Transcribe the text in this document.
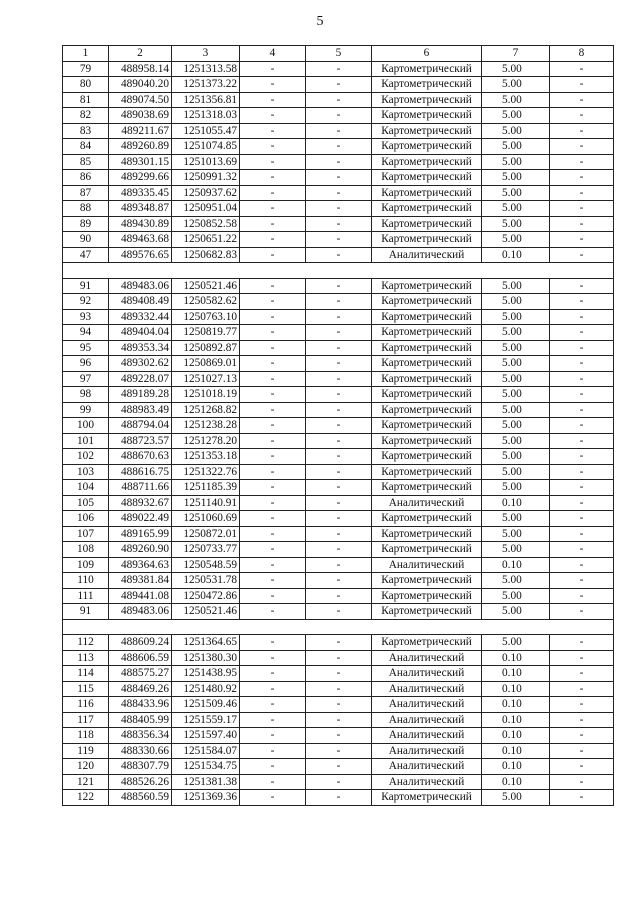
5
1	2	3	4	5	6	7	8
79	488958.14	1251313.58	-	-	Картометрический	5.00	-
80	489040.20	1251373.22	-	-	Картометрический	5.00	-
81	489074.50	1251356.81	-	-	Картометрический	5.00	-
82	489038.69	1251318.03	-	-	Картометрический	5.00	-
83	489211.67	1251055.47	-	-	Картометрический	5.00	-
84	489260.89	1251074.85	-	-	Картометрический	5.00	-
85	489301.15	1251013.69	-	-	Картометрический	5.00	-
86	489299.66	1250991.32	-	-	Картометрический	5.00	-
87	489335.45	1250937.62	-	-	Картометрический	5.00	-
88	489348.87	1250951.04	-	-	Картометрический	5.00	-
89	489430.89	1250852.58	-	-	Картометрический	5.00	-
90	489463.68	1250651.22	-	-	Картометрический	5.00	-
47	489576.65	1250682.83	-	-	Аналитический	0.10	-

91	489483.06	1250521.46	-	-	Картометрический	5.00	-
92	489408.49	1250582.62	-	-	Картометрический	5.00	-
93	489332.44	1250763.10	-	-	Картометрический	5.00	-
94	489404.04	1250819.77	-	-	Картометрический	5.00	-
95	489353.34	1250892.87	-	-	Картометрический	5.00	-
96	489302.62	1250869.01	-	-	Картометрический	5.00	-
97	489228.07	1251027.13	-	-	Картометрический	5.00	-
98	489189.28	1251018.19	-	-	Картометрический	5.00	-
99	488983.49	1251268.82	-	-	Картометрический	5.00	-
100	488794.04	1251238.28	-	-	Картометрический	5.00	-
101	488723.57	1251278.20	-	-	Картометрический	5.00	-
102	488670.63	1251353.18	-	-	Картометрический	5.00	-
103	488616.75	1251322.76	-	-	Картометрический	5.00	-
104	488711.66	1251185.39	-	-	Картометрический	5.00	-
105	488932.67	1251140.91	-	-	Аналитический	0.10	-
106	489022.49	1251060.69	-	-	Картометрический	5.00	-
107	489165.99	1250872.01	-	-	Картометрический	5.00	-
108	489260.90	1250733.77	-	-	Картометрический	5.00	-
109	489364.63	1250548.59	-	-	Аналитический	0.10	-
110	489381.84	1250531.78	-	-	Картометрический	5.00	-
111	489441.08	1250472.86	-	-	Картометрический	5.00	-
91	489483.06	1250521.46	-	-	Картометрический	5.00	-

112	488609.24	1251364.65	-	-	Картометрический	5.00	-
113	488606.59	1251380.30	-	-	Аналитический	0.10	-
114	488575.27	1251438.95	-	-	Аналитический	0.10	-
115	488469.26	1251480.92	-	-	Аналитический	0.10	-
116	488433.96	1251509.46	-	-	Аналитический	0.10	-
117	488405.99	1251559.17	-	-	Аналитический	0.10	-
118	488356.34	1251597.40	-	-	Аналитический	0.10	-
119	488330.66	1251584.07	-	-	Аналитический	0.10	-
120	488307.79	1251534.75	-	-	Аналитический	0.10	-
121	488526.26	1251381.38	-	-	Аналитический	0.10	-
122	488560.59	1251369.36	-	-	Картометрический	5.00	-
